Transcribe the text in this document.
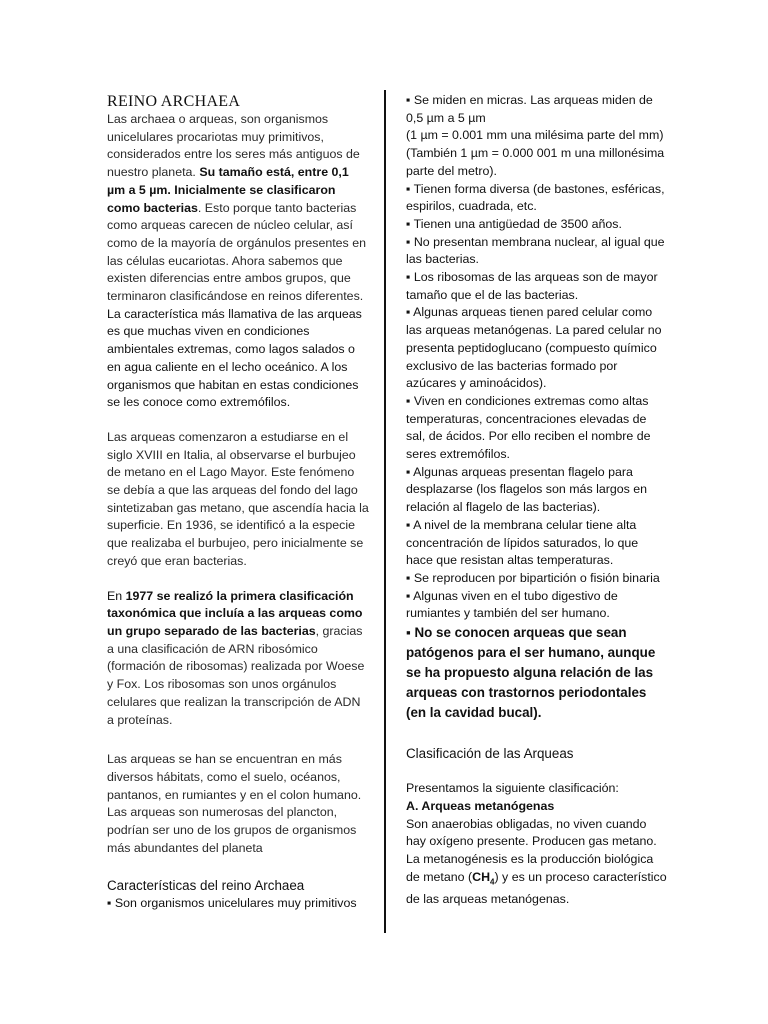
REINO ARCHAEA

Las archaea o arqueas, son organismos unicelulares procariotas muy primitivos, considerados entre los seres más antiguos de nuestro planeta. Su tamaño está, entre 0,1 µm a 5 µm. Inicialmente se clasificaron como bacterias. Esto porque tanto bacterias como arqueas carecen de núcleo celular, así como de la mayoría de orgánulos presentes en las células eucariotas. Ahora sabemos que existen diferencias entre ambos grupos, que terminaron clasificándose en reinos diferentes.

La característica más llamativa de las arqueas es que muchas viven en condiciones ambientales extremas, como lagos salados o en agua caliente en el lecho oceánico. A los organismos que habitan en estas condiciones se les conoce como extremófilos.

Las arqueas comenzaron a estudiarse en el siglo XVIII en Italia, al observarse el burbujeo de metano en el Lago Mayor. Este fenómeno se debía a que las arqueas del fondo del lago sintetizaban gas metano, que ascendía hacia la superficie. En 1936, se identificó a la especie que realizaba el burbujeo, pero inicialmente se creyó que eran bacterias.

En 1977 se realizó la primera clasificación taxonómica que incluía a las arqueas como un grupo separado de las bacterias, gracias a una clasificación de ARN ribosómico (formación de ribosomas) realizada por Woese y Fox. Los ribosomas son unos orgánulos celulares que realizan la transcripción de ADN a proteínas.

Las arqueas se han se encuentran en más diversos hábitats, como el suelo, océanos, pantanos, en rumiantes y en el colon humano. Las arqueas son numerosas del plancton, podrían ser uno de los grupos de organismos más abundantes del planeta

Características del reino Archaea

▪ Son organismos unicelulares muy primitivos

▪ Se miden en micras. Las arqueas miden de 0,5 µm a 5 µm

(1 µm = 0.001 mm una milésima parte del mm)

(También 1 µm = 0.000 001 m una millonésima parte del metro).

▪ Tienen forma diversa (de bastones, esféricas, espirilos, cuadrada, etc.

▪ Tienen una antigüedad de 3500 años.

▪ No presentan membrana nuclear, al igual que las bacterias.

▪ Los ribosomas de las arqueas son de mayor tamaño que el de las bacterias.

▪ Algunas arqueas tienen pared celular como las arqueas metanógenas. La pared celular no presenta peptidoglucano (compuesto químico exclusivo de las bacterias formado por azúcares y aminoácidos).

▪ Viven en condiciones extremas como altas temperaturas, concentraciones elevadas de sal, de ácidos. Por ello reciben el nombre de seres extremófilos.

▪ Algunas arqueas presentan flagelo para desplazarse (los flagelos son más largos en relación al flagelo de las bacterias).

▪ A nivel de la membrana celular tiene alta concentración de lípidos saturados, lo que hace que resistan altas temperaturas.

▪ Se reproducen por bipartición o fisión binaria

▪ Algunas viven en el tubo digestivo de rumiantes y también del ser humano.

▪ No se conocen arqueas que sean patógenos para el ser humano, aunque se ha propuesto alguna relación de las arqueas con trastornos periodontales (en la cavidad bucal).

Clasificación de las Arqueas

Presentamos la siguiente clasificación:

A. Arqueas metanógenas

Son anaerobias obligadas, no viven cuando hay oxígeno presente. Producen gas metano. La metanogénesis es la producción biológica de metano $(CH_4)$ y es un proceso característico de las arqueas metanógenas.
